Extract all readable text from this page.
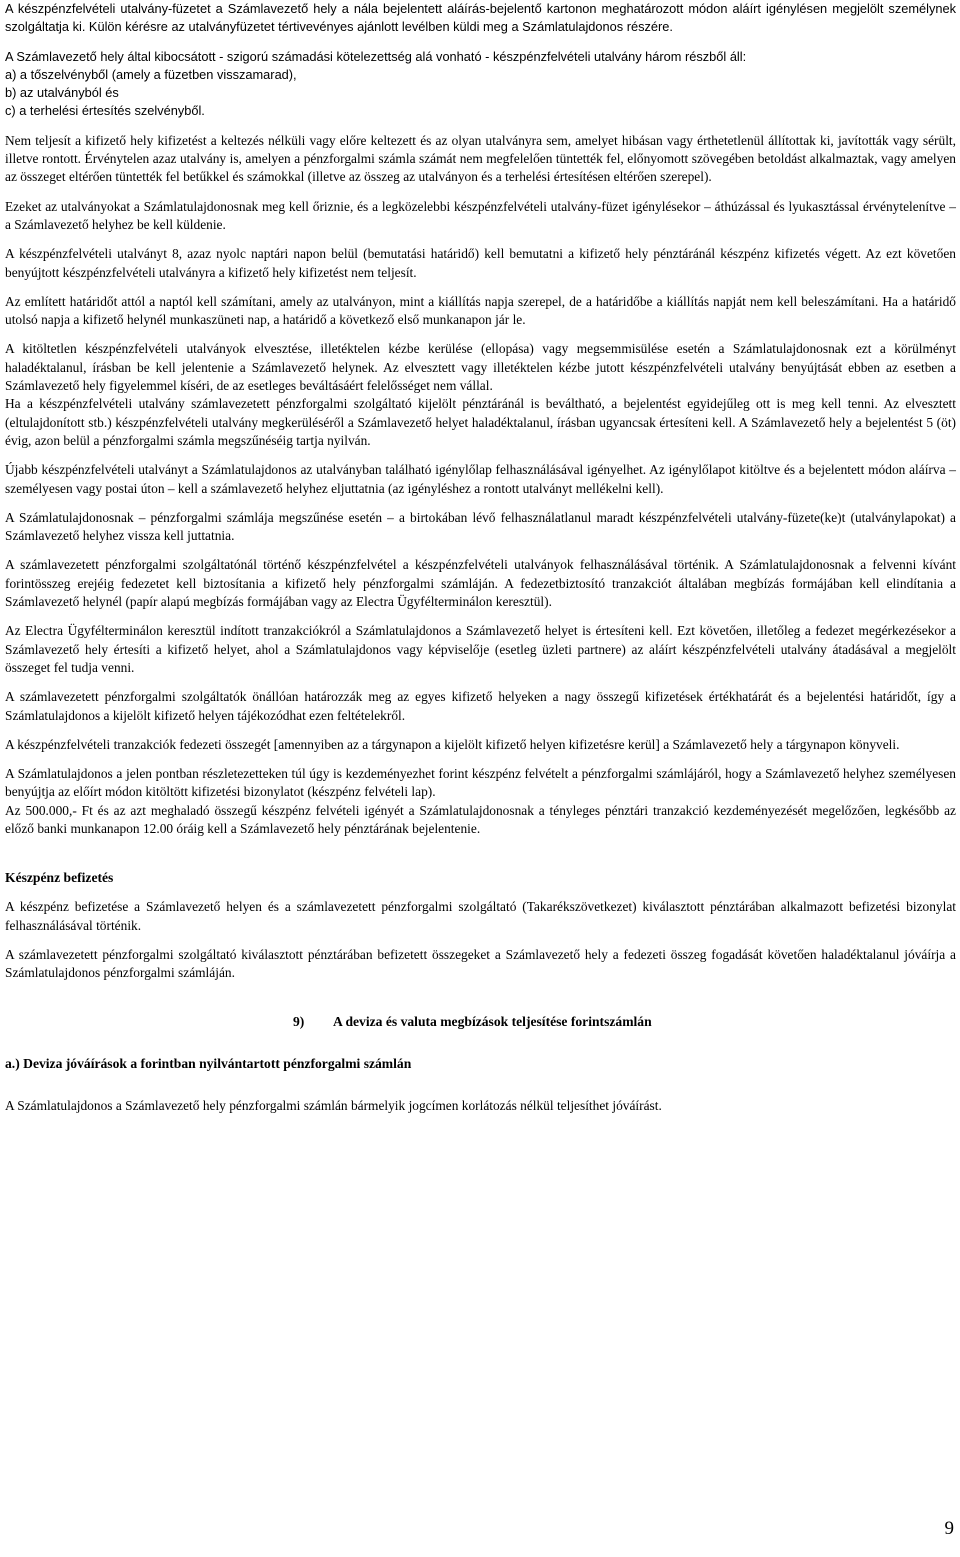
A készpénzfelvételi utalvány-füzetet a Számlavezető hely a nála bejelentett aláírás-bejelentő kartonon meghatározott módon aláírt igénylésen megjelölt személynek szolgáltatja ki. Külön kérésre az utalványfüzetet tértivevényes ajánlott levélben küldi meg a Számlatulajdonos részére.

A Számlavezető hely által kibocsátott - szigorú számadási kötelezettség alá vonható - készpénzfelvételi utalvány három részből áll:

a) a tőszelvényből (amely a füzetben visszamarad),

b) az utalványból és

c) a terhelési értesítés szelvényből.

Nem teljesít a kifizető hely kifizetést a keltezés nélküli vagy előre keltezett és az olyan utalványra sem, amelyet hibásan vagy érthetetlenül állítottak ki, javították vagy sérült, illetve rontott. Érvénytelen azaz utalvány is, amelyen a pénzforgalmi számla számát nem megfelelően tüntették fel, előnyomott szövegében betoldást alkalmaztak, vagy amelyen az összeget eltérően tüntették fel betűkkel és számokkal (illetve az összeg az utalványon és a terhelési értesítésen eltérően szerepel).

Ezeket az utalványokat a Számlatulajdonosnak meg kell őriznie, és a legközelebbi készpénzfelvételi utalvány-füzet igénylésekor – áthúzással és lyukasztással érvénytelenítve – a Számlavezető helyhez be kell küldenie.

A készpénzfelvételi utalványt 8, azaz nyolc naptári napon belül (bemutatási határidő) kell bemutatni a kifizető hely pénztáránál készpénz kifizetés végett. Az ezt követően benyújtott készpénzfelvételi utalványra a kifizető hely kifizetést nem teljesít.

Az említett határidőt attól a naptól kell számítani, amely az utalványon, mint a kiállítás napja szerepel, de a határidőbe a kiállítás napját nem kell beleszámítani. Ha a határidő utolsó napja a kifizető helynél munkaszüneti nap, a határidő a következő első munkanapon jár le.

A kitöltetlen készpénzfelvételi utalványok elvesztése, illetéktelen kézbe kerülése (ellopása) vagy megsemmisülése esetén a Számlatulajdonosnak ezt a körülményt haladéktalanul, írásban be kell jelentenie a Számlavezető helynek. Az elvesztett vagy illetéktelen kézbe jutott készpénzfelvételi utalvány benyújtását ebben az esetben a Számlavezető hely figyelemmel kíséri, de az esetleges beváltásáért felelősséget nem vállal.

Ha a készpénzfelvételi utalvány számlavezetett pénzforgalmi szolgáltató kijelölt pénztáránál is beváltható, a bejelentést egyidejűleg ott is meg kell tenni. Az elvesztett (eltulajdonított stb.) készpénzfelvételi utalvány megkerüléséről a Számlavezető helyet haladéktalanul, írásban ugyancsak értesíteni kell. A Számlavezető hely a bejelentést 5 (öt) évig, azon belül a pénzforgalmi számla megszűnéséig tartja nyilván.

Újabb készpénzfelvételi utalványt a Számlatulajdonos az utalványban található igénylőlap felhasználásával igényelhet. Az igénylőlapot kitöltve és a bejelentett módon aláírva – személyesen vagy postai úton – kell a számlavezető helyhez eljuttatnia (az igényléshez a rontott utalványt mellékelni kell).

A Számlatulajdonosnak – pénzforgalmi számlája megszűnése esetén – a birtokában lévő felhasználatlanul maradt készpénzfelvételi utalvány-füzete(ke)t (utalványlapokat) a Számlavezető helyhez vissza kell juttatnia.

A számlavezetett pénzforgalmi szolgáltatónál történő készpénzfelvétel a készpénzfelvételi utalványok felhasználásával történik. A Számlatulajdonosnak a felvenni kívánt forintösszeg erejéig fedezetet kell biztosítania a kifizető hely pénzforgalmi számláján. A fedezetbiztosító tranzakciót általában megbízás formájában kell elindítania a Számlavezető helynél (papír alapú megbízás formájában vagy az Electra Ügyfélterminálon keresztül).

Az Electra Ügyfélterminálon keresztül indított tranzakciókról a Számlatulajdonos a Számlavezető helyet is értesíteni kell. Ezt követően, illetőleg a fedezet megérkezésekor a Számlavezető hely értesíti a kifizető helyet, ahol a Számlatulajdonos vagy képviselője (esetleg üzleti partnere) az aláírt készpénzfelvételi utalvány átadásával a megjelölt összeget fel tudja venni.

A számlavezetett pénzforgalmi szolgáltatók önállóan határozzák meg az egyes kifizető helyeken a nagy összegű kifizetések értékhatárát és a bejelentési határidőt, így a Számlatulajdonos a kijelölt kifizető helyen tájékozódhat ezen feltételekről.

A készpénzfelvételi tranzakciók fedezeti összegét [amennyiben az a tárgynapon a kijelölt kifizető helyen kifizetésre kerül] a Számlavezető hely a tárgynapon könyveli.

A Számlatulajdonos a jelen pontban részletezetteken túl úgy is kezdeményezhet forint készpénz felvételt a pénzforgalmi számlájáról, hogy a Számlavezető helyhez személyesen benyújtja az előírt módon kitöltött kifizetési bizonylatot (készpénz felvételi lap).

Az 500.000,- Ft és az azt meghaladó összegű készpénz felvételi igényét a Számlatulajdonosnak a tényleges pénztári tranzakció kezdeményezését megelőzően, legkésőbb az előző banki munkanapon 12.00 óráig kell a Számlavezető hely pénztárának bejelentenie.

Készpénz befizetés

A készpénz befizetése a Számlavezető helyen és a számlavezetett pénzforgalmi szolgáltató (Takarékszövetkezet) kiválasztott pénztárában alkalmazott befizetési bizonylat felhasználásával történik.

A számlavezetett pénzforgalmi szolgáltató kiválasztott pénztárában befizetett összegeket a Számlavezető hely a fedezeti összeg fogadását követően haladéktalanul jóváírja a Számlatulajdonos pénzforgalmi számláján.

9) A deviza és valuta megbízások teljesítése forintszámlán

a.) Deviza jóváírások a forintban nyilvántartott pénzforgalmi számlán

A Számlatulajdonos a Számlavezető hely pénzforgalmi számlán bármelyik jogcímen korlátozás nélkül teljesíthet jóváírást.

9
